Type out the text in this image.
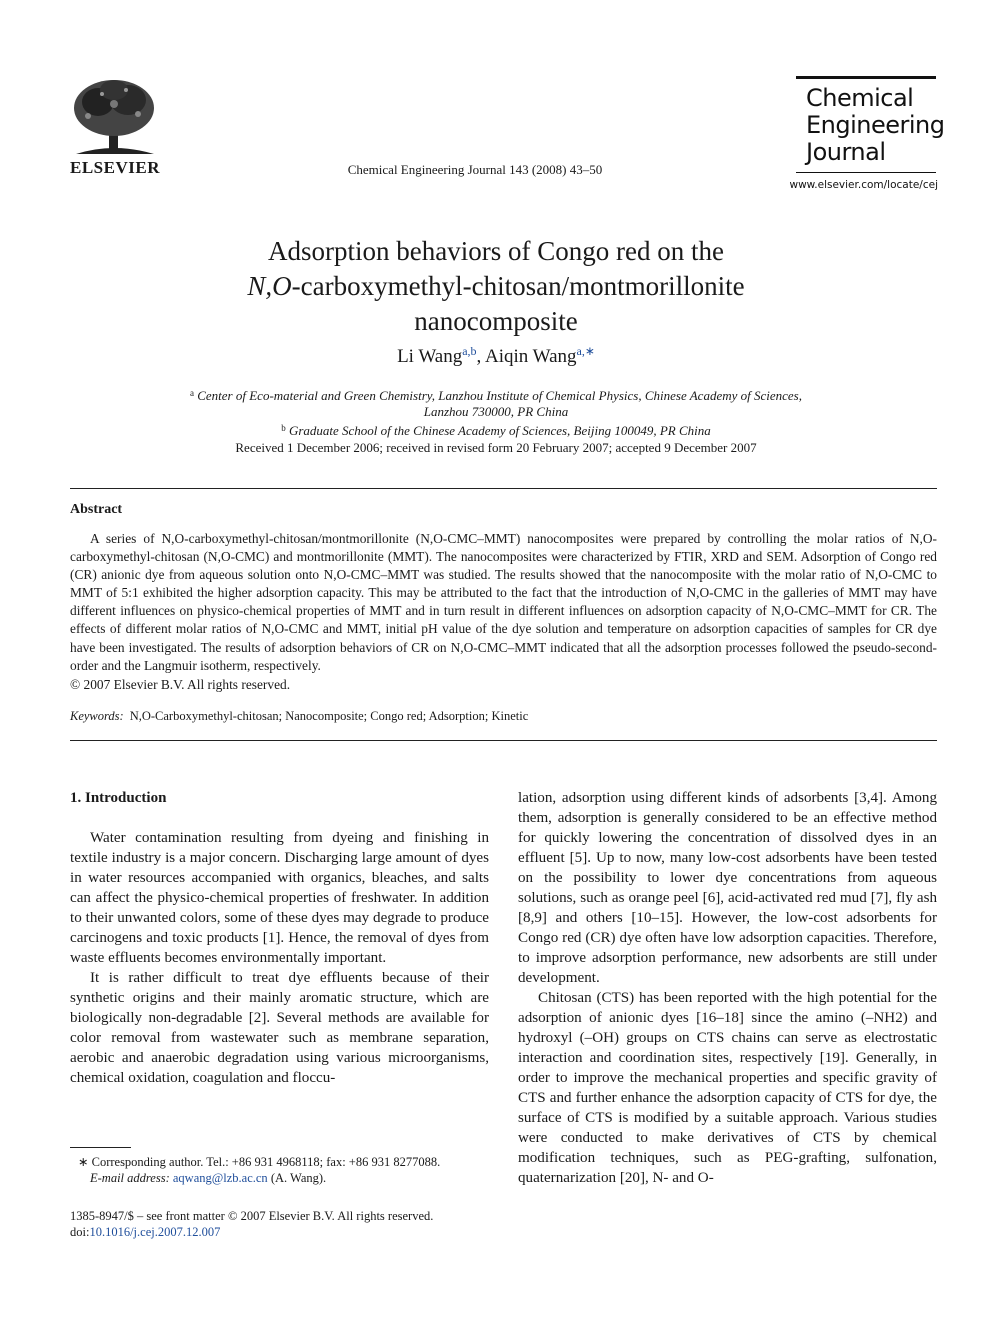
ELSEVIER	Chemical Engineering Journal 143 (2008) 43–50
Chemical
Engineering
Journal
www.elsevier.com/locate/cej
Adsorption behaviors of Congo red on the
N,O-carboxymethyl-chitosan/montmorillonite
nanocomposite
Li Wang$^{a,b}$, Aiqin Wang$^{a,∗}$
$^a$ Center of Eco-material and Green Chemistry, Lanzhou Institute of Chemical Physics, Chinese Academy of Sciences,
Lanzhou 730000, PR China
$^b$ Graduate School of the Chinese Academy of Sciences, Beijing 100049, PR China
Received 1 December 2006; received in revised form 20 February 2007; accepted 9 December 2007
Abstract
A series of N,O-carboxymethyl-chitosan/montmorillonite (N,O-CMC–MMT) nanocomposites were prepared by controlling the molar ratios of N,O-carboxymethyl-chitosan (N,O-CMC) and montmorillonite (MMT). The nanocomposites were characterized by FTIR, XRD and SEM. Adsorption of Congo red (CR) anionic dye from aqueous solution onto N,O-CMC–MMT was studied. The results showed that the nanocomposite with the molar ratio of N,O-CMC to MMT of 5:1 exhibited the higher adsorption capacity. This may be attributed to the fact that the introduction of N,O-CMC in the galleries of MMT may have different influences on physico-chemical properties of MMT and in turn result in different influences on adsorption capacity of N,O-CMC–MMT for CR. The effects of different molar ratios of N,O-CMC and MMT, initial pH value of the dye solution and temperature on adsorption capacities of samples for CR dye have been investigated. The results of adsorption behaviors of CR on N,O-CMC–MMT indicated that all the adsorption processes followed the pseudo-second-order and the Langmuir isotherm, respectively.
© 2007 Elsevier B.V. All rights reserved.
Keywords: N,O-Carboxymethyl-chitosan; Nanocomposite; Congo red; Adsorption; Kinetic
1. Introduction

Water contamination resulting from dyeing and finishing in textile industry is a major concern. Discharging large amount of dyes in water resources accompanied with organics, bleaches, and salts can affect the physico-chemical properties of freshwater. In addition to their unwanted colors, some of these dyes may degrade to produce carcinogens and toxic products [1]. Hence, the removal of dyes from waste effluents becomes environmentally important.

It is rather difficult to treat dye effluents because of their synthetic origins and their mainly aromatic structure, which are biologically non-degradable [2]. Several methods are available for color removal from wastewater such as membrane separation, aerobic and anaerobic degradation using various microorganisms, chemical oxidation, coagulation and floccu-

lation, adsorption using different kinds of adsorbents [3,4]. Among them, adsorption is generally considered to be an effective method for quickly lowering the concentration of dissolved dyes in an effluent [5]. Up to now, many low-cost adsorbents have been tested on the possibility to lower dye concentrations from aqueous solutions, such as orange peel [6], acid-activated red mud [7], fly ash [8,9] and others [10–15]. However, the low-cost adsorbents for Congo red (CR) dye often have low adsorption capacities. Therefore, to improve adsorption performance, new adsorbents are still under development.

Chitosan (CTS) has been reported with the high potential for the adsorption of anionic dyes [16–18] since the amino (–NH2) and hydroxyl (–OH) groups on CTS chains can serve as electrostatic interaction and coordination sites, respectively [19]. Generally, in order to improve the mechanical properties and specific gravity of CTS and further enhance the adsorption capacity of CTS for dye, the surface of CTS is modified by a suitable approach. Various studies were conducted to make derivatives of CTS by chemical modification techniques, such as PEG-grafting, sulfonation, quaternarization [20], N- and O-

∗ Corresponding author. Tel.: +86 931 4968118; fax: +86 931 8277088.
E-mail address: aqwang@lzb.ac.cn (A. Wang).
1385-8947/$ – see front matter © 2007 Elsevier B.V. All rights reserved.
doi:10.1016/j.cej.2007.12.007
